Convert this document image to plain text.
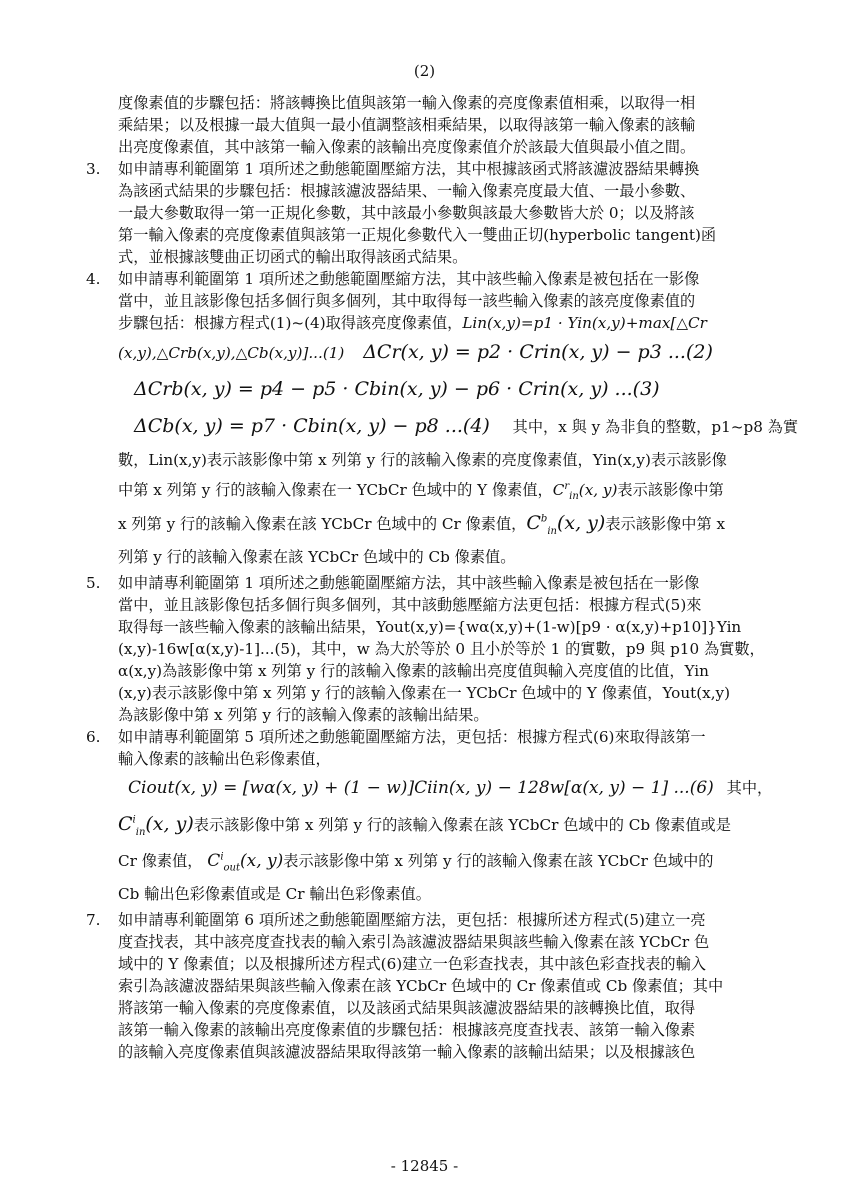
(2)
度像素值的步驟包括：將該轉換比值與該第一輸入像素的亮度像素值相乘，以取得一相
乘結果；以及根據一最大值與一最小值調整該相乘結果，以取得該第一輸入像素的該輸
出亮度像素值，其中該第一輸入像素的該輸出亮度像素值介於該最大值與最小值之間。
3. 如申請專利範圍第 1 項所述之動態範圍壓縮方法，其中根據該函式將該濾波器結果轉換
為該函式結果的步驟包括：根據該濾波器結果、一輸入像素亮度最大值、一最小參數、
一最大參數取得一第一正規化參數，其中該最小參數與該最大參數皆大於 0；以及將該
第一輸入像素的亮度像素值與該第一正規化參數代入一雙曲正切(hyperbolic tangent)函
式，並根據該雙曲正切函式的輸出取得該函式結果。
4. 如申請專利範圍第 1 項所述之動態範圍壓縮方法，其中該些輸入像素是被包括在一影像
當中，並且該影像包括多個行與多個列，其中取得每一該些輸入像素的該亮度像素值的
步驟包括：根據方程式(1)~(4)取得該亮度像素值，Lin(x,y)=p1 · Yin(x,y)+max[△Cr
(x,y),△Crb(x,y),△Cb(x,y)]...(1) ΔCr(x, y) = p2 · Crin(x, y) − p3 ...(2)
ΔCrb(x, y) = p4 − p5 · Cbin(x, y) − p6 · Crin(x, y) ...(3)
ΔCb(x, y) = p7 · Cbin(x, y) − p8 ...(4) 其中，x 與 y 為非負的整數，p1~p8 為實
數，Lin(x,y)表示該影像中第 x 列第 y 行的該輸入像素的亮度像素值，Yin(x,y)表示該影像
中第 x 列第 y 行的該輸入像素在一 YCbCr 色域中的 Y 像素值，$C^r_{in}(x$, y)表示該影像中第
x 列第 y 行的該輸入像素在該 YCbCr 色域中的 Cr 像素值，$C^b_{in}(x$, y)表示該影像中第 x
列第 y 行的該輸入像素在該 YCbCr 色域中的 Cb 像素值。
5. 如申請專利範圍第 1 項所述之動態範圍壓縮方法，其中該些輸入像素是被包括在一影像
當中，並且該影像包括多個行與多個列，其中該動態壓縮方法更包括：根據方程式(5)來
取得每一該些輸入像素的該輸出結果，Yout(x,y)={wα(x,y)+(1-w)[p9 · α(x,y)+p10]}Yin
(x,y)-16w[α(x,y)-1]...(5)，其中，w 為大於等於 0 且小於等於 1 的實數，p9 與 p10 為實數，
α(x,y)為該影像中第 x 列第 y 行的該輸入像素的該輸出亮度值與輸入亮度值的比值，Yin
(x,y)表示該影像中第 x 列第 y 行的該輸入像素在一 YCbCr 色域中的 Y 像素值，Yout(x,y)
為該影像中第 x 列第 y 行的該輸入像素的該輸出結果。
6. 如申請專利範圍第 5 項所述之動態範圍壓縮方法，更包括：根據方程式(6)來取得該第一
輸入像素的該輸出色彩像素值，
Ciout(x, y) = [wα(x, y) + (1 − w)]Ciin(x, y) − 128w[α(x, y) − 1] ...(6) 其中，
$C^i_{in}(x$, y)表示該影像中第 x 列第 y 行的該輸入像素在該 YCbCr 色域中的 Cb 像素值或是
Cr 像素值， $C^i_{out}(x$, y)表示該影像中第 x 列第 y 行的該輸入像素在該 YCbCr 色域中的
Cb 輸出色彩像素值或是 Cr 輸出色彩像素值。
7. 如申請專利範圍第 6 項所述之動態範圍壓縮方法，更包括：根據所述方程式(5)建立一亮
度查找表，其中該亮度查找表的輸入索引為該濾波器結果與該些輸入像素在該 YCbCr 色
域中的 Y 像素值；以及根據所述方程式(6)建立一色彩查找表，其中該色彩查找表的輸入
索引為該濾波器結果與該些輸入像素在該 YCbCr 色域中的 Cr 像素值或 Cb 像素值；其中
將該第一輸入像素的亮度像素值，以及該函式結果與該濾波器結果的該轉換比值，取得
該第一輸入像素的該輸出亮度像素值的步驟包括：根據該亮度查找表、該第一輸入像素
的該輸入亮度像素值與該濾波器結果取得該第一輸入像素的該輸出結果；以及根據該色
- 12845 -
